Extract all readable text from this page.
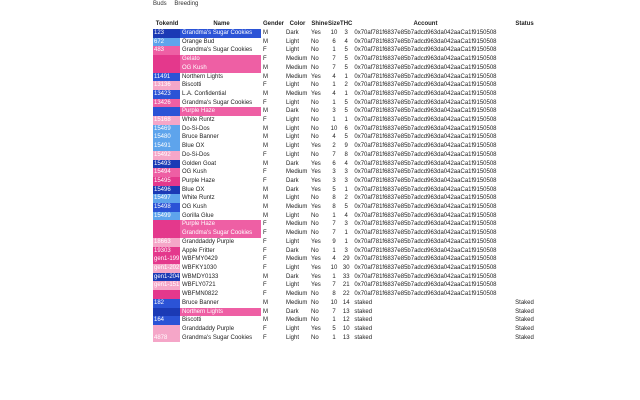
Buds Breeding
TokenId	Name	Gender	Color	Shine	Size	THC	Account	Status
123	Grandma's Sugar Cookies	M	Dark	Yes	10	3	0x70af781f6837e85b7adcd963da042aaCa1f9150508	
672	Orange Bud	M	Light	No	6	4	0x70af781f6837e85b7adcd963da042aaCa1f9150508	
483	Grandma's Sugar Cookies	F	Light	No	1	5	0x70af781f6837e85b7adcd963da042aaCa1f9150508	
	Gelato	F	Medium	No	7	5	0x70af781f6837e85b7adcd963da042aaCa1f9150508	
	OG Kush	M	Medium	No	7	5	0x70af781f6837e85b7adcd963da042aaCa1f9150508	
11491	Northern Lights	M	Medium	Yes	4	1	0x70af781f6837e85b7adcd963da042aaCa1f9150508	
13136	Biscotti	F	Light	No	1	2	0x70af781f6837e85b7adcd963da042aaCa1f9150508	
13423	L.A. Confidential	M	Medium	Yes	4	1	0x70af781f6837e85b7adcd963da042aaCa1f9150508	
13426	Grandma's Sugar Cookies	F	Light	No	1	5	0x70af781f6837e85b7adcd963da042aaCa1f9150508	
	Purple Haze	M	Dark	No	3	5	0x70af781f6837e85b7adcd963da042aaCa1f9150508	
15168	White Runtz	F	Light	No	1	1	0x70af781f6837e85b7adcd963da042aaCa1f9150508	
15469	Do-Si-Dos	M	Light	No	10	6	0x70af781f6837e85b7adcd963da042aaCa1f9150508	
15480	Bruce Banner	M	Light	No	4	5	0x70af781f6837e85b7adcd963da042aaCa1f9150508	
15491	Blue OX	M	Light	Yes	2	9	0x70af781f6837e85b7adcd963da042aaCa1f9150508	
15492	Do-Si-Dos	F	Light	No	7	8	0x70af781f6837e85b7adcd963da042aaCa1f9150508	
15493	Golden Goat	M	Dark	Yes	6	4	0x70af781f6837e85b7adcd963da042aaCa1f9150508	
15494	OG Kush	F	Medium	Yes	3	3	0x70af781f6837e85b7adcd963da042aaCa1f9150508	
15495	Purple Haze	F	Dark	Yes	3	3	0x70af781f6837e85b7adcd963da042aaCa1f9150508	
15496	Blue OX	M	Dark	Yes	5	1	0x70af781f6837e85b7adcd963da042aaCa1f9150508	
15497	White Runtz	M	Light	No	8	2	0x70af781f6837e85b7adcd963da042aaCa1f9150508	
15498	OG Kush	M	Medium	Yes	8	5	0x70af781f6837e85b7adcd963da042aaCa1f9150508	
15499	Gorilla Glue	M	Light	No	1	4	0x70af781f6837e85b7adcd963da042aaCa1f9150508	
	Purple Haze	F	Medium	No	7	3	0x70af781f6837e85b7adcd963da042aaCa1f9150508	
	Grandma's Sugar Cookies	F	Medium	No	7	1	0x70af781f6837e85b7adcd963da042aaCa1f9150508	
18663	Granddaddy Purple	F	Light	Yes	9	1	0x70af781f6837e85b7adcd963da042aaCa1f9150508	
19303	Apple Fritter	F	Dark	No	1	3	0x70af781f6837e85b7adcd963da042aaCa1f9150508	
gen1-199	WBFMY0429	F	Medium	Yes	4	29	0x70af781f6837e85b7adcd963da042aaCa1f9150508	
gen1-202	WBFKY1030	F	Light	Yes	10	30	0x70af781f6837e85b7adcd963da042aaCa1f9150508	
gen1-204	WBMDY0133	M	Dark	Yes	1	33	0x70af781f6837e85b7adcd963da042aaCa1f9150508	
gen1-151	WBFLY0721	F	Light	Yes	7	21	0x70af781f6837e85b7adcd963da042aaCa1f9150508	
	WBFMN0822	F	Medium	No	8	22	0x70af781f6837e85b7adcd963da042aaCa1f9150508	
182	Bruce Banner	M	Medium	No	10	14	staked	Staked
	Northern Lights	M	Dark	No	7	13	staked	Staked
164	Biscotti	M	Medium	No	1	12	staked	Staked
	Granddaddy Purple	F	Light	Yes	5	10	staked	Staked
4878	Grandma's Sugar Cookies	F	Light	No	1	13	staked	Staked
